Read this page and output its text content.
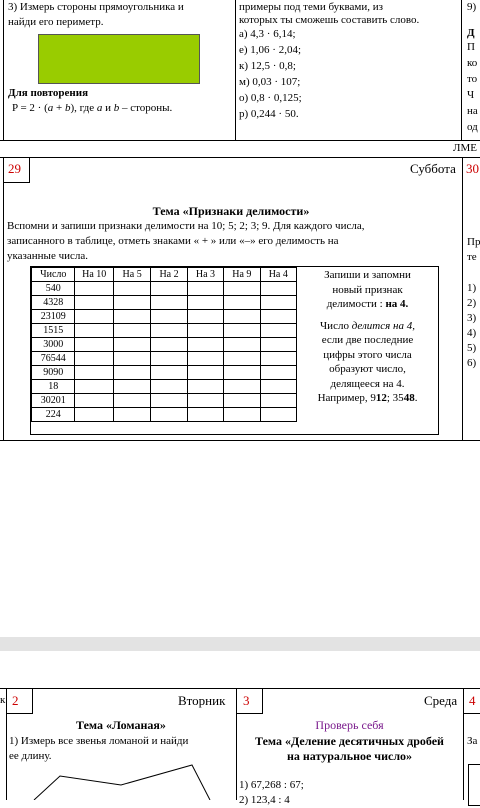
3) Измерь стороны прямоугольника и
найди его периметр.
Для повторения
P = 2 · (a + b), где a и b – стороны.
примеры под теми буквами, из
которых ты сможешь составить слово.
а) 4,3 · 6,14;
е) 1,06 · 2,04;
к) 12,5 · 0,8;
м) 0,03 · 107;
о) 0,8 · 0,125;
р) 0,244 · 50.
9)
Д
П
ко
то
Ч
на
од
ЛМЕ
29	Суббота 30
Тема «Признаки делимости»
Вспомни и запиши признаки делимости на 10; 5; 2; 3; 9. Для каждого числа,
записанного в таблице, отметь знаками « + » или «–» его делимость на
указанные числа.
Число	На 10	На 5	На 2	На 3	На 9	На 4
540						
4328						
23109						
1515						
3000						
76544						
9090						
18						
30201						
224						
Запиши и запомни
новый признак
делимости : на 4.
Число делится на 4,
если две последние
цифры этого числа
образуют число,
делящееся на 4.
Например, 912; 3548.
Пр
те
1)
2)
3)
4)
5)
6)
к 2	Вторник
Тема «Ломаная»
1) Измерь все звенья ломаной и найди
ее длину.
3	Среда
Проверь себя
Тема «Деление десятичных дробей
на натуральное число»
1) 67,268 : 67;
2) 123,4 : 4
4
За
